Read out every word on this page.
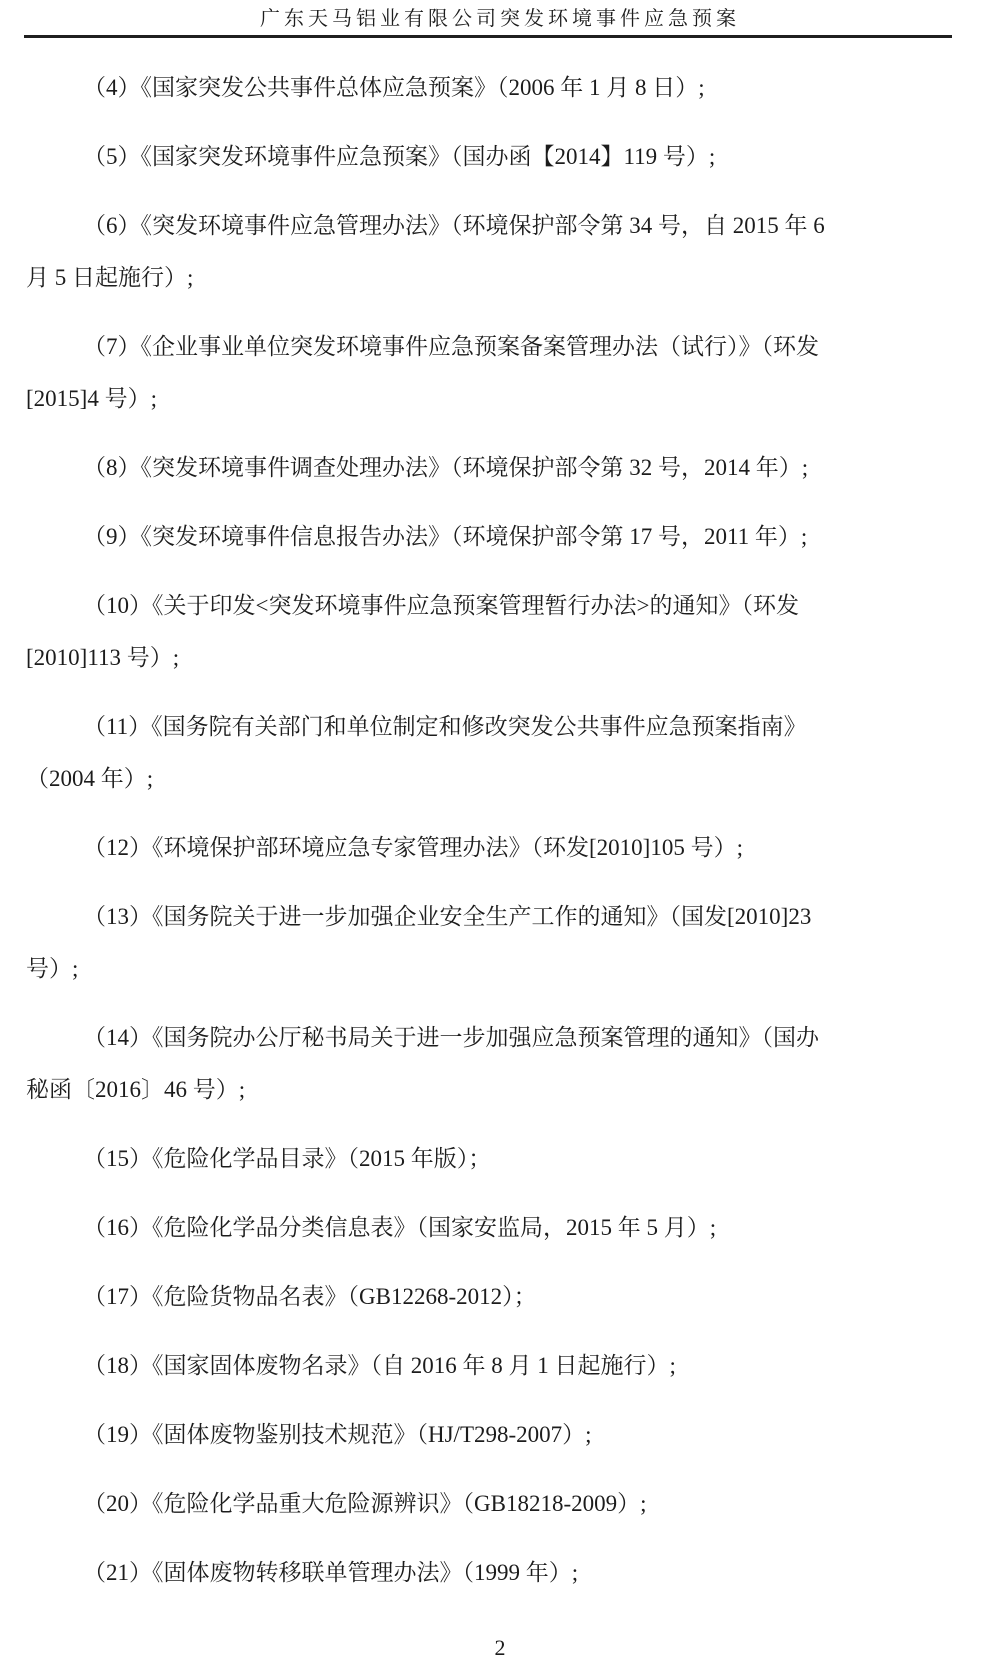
广东天马铝业有限公司突发环境事件应急预案
（4）《国家突发公共事件总体应急预案》（2006 年 1 月 8 日）;
（5）《国家突发环境事件应急预案》（国办函【2014】119 号）;
（6）《突发环境事件应急管理办法》（环境保护部令第 34 号，自 2015 年 6
月 5 日起施行）;
（7）《企业事业单位突发环境事件应急预案备案管理办法（试行）》（环发
[2015]4 号）;
（8）《突发环境事件调查处理办法》（环境保护部令第 32 号，2014 年）;
（9）《突发环境事件信息报告办法》（环境保护部令第 17 号，2011 年）;
（10）《关于印发<突发环境事件应急预案管理暂行办法>的通知》（环发
[2010]113 号）;
（11）《国务院有关部门和单位制定和修改突发公共事件应急预案指南》
（2004 年）;
（12）《环境保护部环境应急专家管理办法》（环发[2010]105 号）;
（13）《国务院关于进一步加强企业安全生产工作的通知》（国发[2010]23
号）;
（14）《国务院办公厅秘书局关于进一步加强应急预案管理的通知》（国办
秘函〔2016〕46 号）;
（15）《危险化学品目录》（2015 年版）；
（16）《危险化学品分类信息表》（国家安监局，2015 年 5 月）;
（17）《危险货物品名表》（GB12268-2012）；
（18）《国家固体废物名录》（自 2016 年 8 月 1 日起施行）;
（19）《固体废物鉴别技术规范》（HJ/T298-2007）;
（20）《危险化学品重大危险源辨识》（GB18218-2009）;
（21）《固体废物转移联单管理办法》（1999 年）;
2
